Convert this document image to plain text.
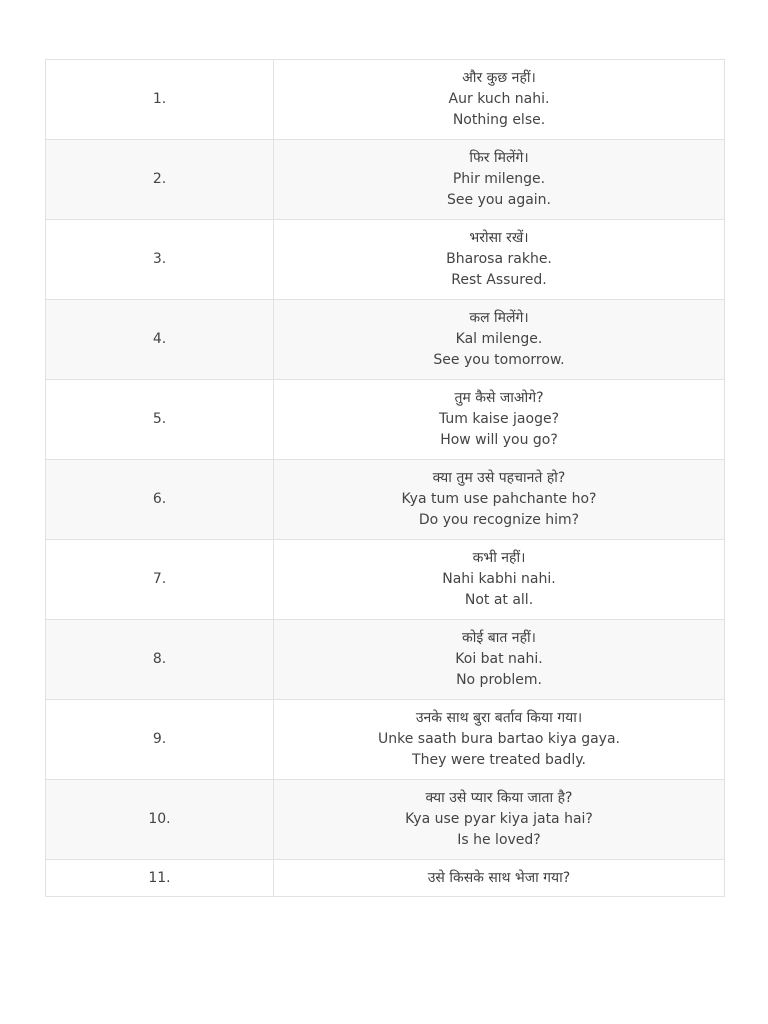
1.	और कुछ नहीं।
Aur kuch nahi.
Nothing else.

2.	फिर मिलेंगे।
Phir milenge.
See you again.

3.	भरोसा रखें।
Bharosa rakhe.
Rest Assured.

4.	कल मिलेंगे।
Kal milenge.
See you tomorrow.

5.	तुम कैसे जाओगे?
Tum kaise jaoge?
How will you go?

6.	क्या तुम उसे पहचानते हो?
Kya tum use pahchante ho?
Do you recognize him?

7.	कभी नहीं।
Nahi kabhi nahi.
Not at all.

8.	कोई बात नहीं।
Koi bat nahi.
No problem.

9.	उनके साथ बुरा बर्ताव किया गया।
Unke saath bura bartao kiya gaya.
They were treated badly.

10.	क्या उसे प्यार किया जाता है?
Kya use pyar kiya jata hai?
Is he loved?

11.	उसे किसके साथ भेजा गया?
